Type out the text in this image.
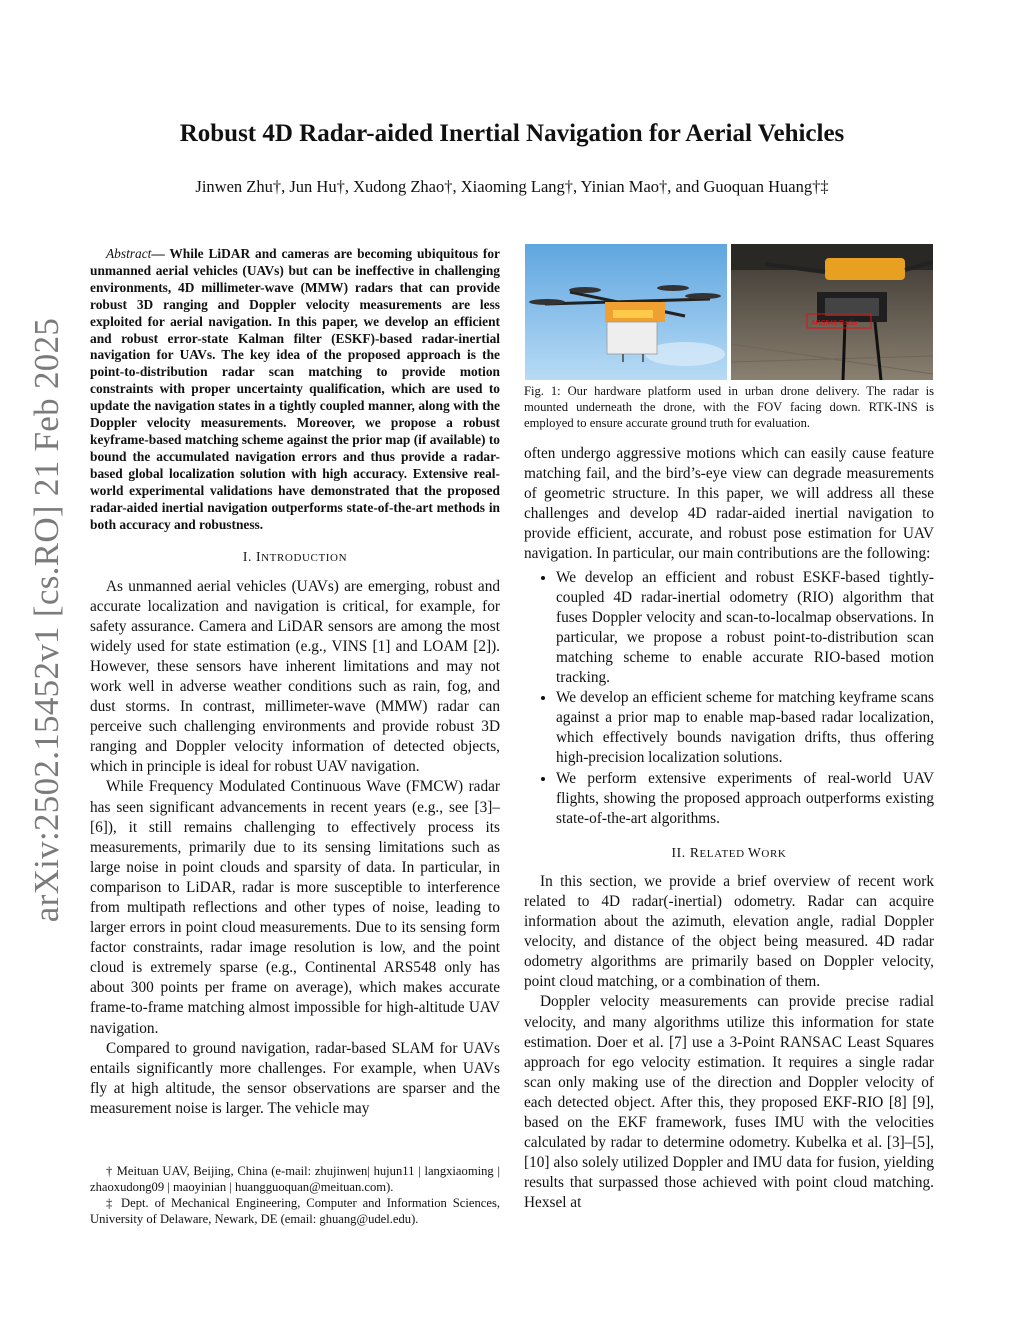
arXiv:2502.15452v1 [cs.RO] 21 Feb 2025
Robust 4D Radar-aided Inertial Navigation for Aerial Vehicles
Jinwen Zhu†, Jun Hu†, Xudong Zhao†, Xiaoming Lang†, Yinian Mao†, and Guoquan Huang†‡

Abstract— While LiDAR and cameras are becoming ubiquitous for unmanned aerial vehicles (UAVs) but can be ineffective in challenging environments, 4D millimeter-wave (MMW) radars that can provide robust 3D ranging and Doppler velocity measurements are less exploited for aerial navigation. In this paper, we develop an efficient and robust error-state Kalman filter (ESKF)-based radar-inertial navigation for UAVs. The key idea of the proposed approach is the point-to-distribution radar scan matching to provide motion constraints with proper uncertainty qualification, which are used to update the navigation states in a tightly coupled manner, along with the Doppler velocity measurements. Moreover, we propose a robust keyframe-based matching scheme against the prior map (if available) to bound the accumulated navigation errors and thus provide a radar-based global localization solution with high accuracy. Extensive real-world experimental validations have demonstrated that the proposed radar-aided inertial navigation outperforms state-of-the-art methods in both accuracy and robustness.

I. INTRODUCTION

As unmanned aerial vehicles (UAVs) are emerging, robust and accurate localization and navigation is critical, for example, for safety assurance. Camera and LiDAR sensors are among the most widely used for state estimation (e.g., VINS [1] and LOAM [2]). However, these sensors have inherent limitations and may not work well in adverse weather conditions such as rain, fog, and dust storms. In contrast, millimeter-wave (MMW) radar can perceive such challenging environments and provide robust 3D ranging and Doppler velocity information of detected objects, which in principle is ideal for robust UAV navigation.

While Frequency Modulated Continuous Wave (FMCW) radar has seen significant advancements in recent years (e.g., see [3]–[6]), it still remains challenging to effectively process its measurements, primarily due to its sensing limitations such as large noise in point clouds and sparsity of data. In particular, in comparison to LiDAR, radar is more susceptible to interference from multipath reflections and other types of noise, leading to larger errors in point cloud measurements. Due to its sensing form factor constraints, radar image resolution is low, and the point cloud is extremely sparse (e.g., Continental ARS548 only has about 300 points per frame on average), which makes accurate frame-to-frame matching almost impossible for high-altitude UAV navigation.

Compared to ground navigation, radar-based SLAM for UAVs entails significantly more challenges. For example, when UAVs fly at high altitude, the sensor observations are sparser and the measurement noise is larger. The vehicle may

† Meituan UAV, Beijing, China (e-mail: zhujinwen| hujun11 | langxiaoming | zhaoxudong09 | maoyinian | huangguoquan@meituan.com).

‡ Dept. of Mechanical Engineering, Computer and Information Sciences, University of Delaware, Newark, DE (email: ghuang@udel.edu).

ARS548 Radar
Fig. 1: Our hardware platform used in urban drone delivery. The radar is mounted underneath the drone, with the FOV facing down. RTK-INS is employed to ensure accurate ground truth for evaluation.

often undergo aggressive motions which can easily cause feature matching fail, and the bird’s-eye view can degrade measurements of geometric structure. In this paper, we will address all these challenges and develop 4D radar-aided inertial navigation to provide efficient, accurate, and robust pose estimation for UAV navigation. In particular, our main contributions are the following:

• We develop an efficient and robust ESKF-based tightly-coupled 4D radar-inertial odometry (RIO) algorithm that fuses Doppler velocity and scan-to-localmap observations. In particular, we propose a robust point-to-distribution scan matching scheme to enable accurate RIO-based motion tracking.
• We develop an efficient scheme for matching keyframe scans against a prior map to enable map-based radar localization, which effectively bounds navigation drifts, thus offering high-precision localization solutions.
• We perform extensive experiments of real-world UAV flights, showing the proposed approach outperforms existing state-of-the-art algorithms.
II. RELATED WORK

In this section, we provide a brief overview of recent work related to 4D radar(-inertial) odometry. Radar can acquire information about the azimuth, elevation angle, radial Doppler velocity, and distance of the object being measured. 4D radar odometry algorithms are primarily based on Doppler velocity, point cloud matching, or a combination of them.

Doppler velocity measurements can provide precise radial velocity, and many algorithms utilize this information for state estimation. Doer et al. [7] use a 3-Point RANSAC Least Squares approach for ego velocity estimation. It requires a single radar scan only making use of the direction and Doppler velocity of each detected object. After this, they proposed EKF-RIO [8] [9], based on the EKF framework, fuses IMU with the velocities calculated by radar to determine odometry. Kubelka et al. [3]–[5], [10] also solely utilized Doppler and IMU data for fusion, yielding results that surpassed those achieved with point cloud matching. Hexsel at
